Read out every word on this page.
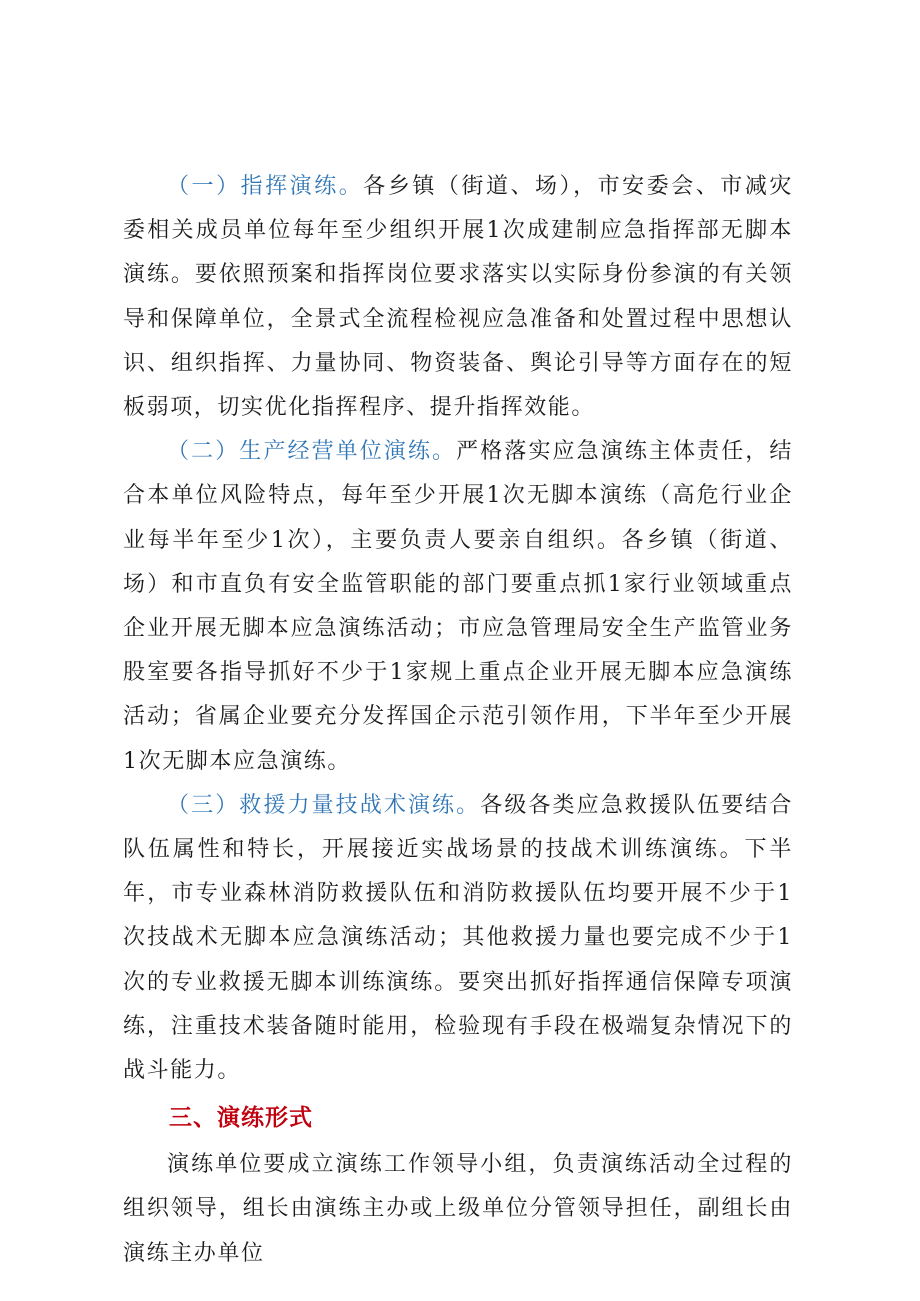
（一）指挥演练。各乡镇（街道、场），市安委会、市减灾委相关成员单位每年至少组织开展1次成建制应急指挥部无脚本演练。要依照预案和指挥岗位要求落实以实际身份参演的有关领导和保障单位，全景式全流程检视应急准备和处置过程中思想认识、组织指挥、力量协同、物资装备、舆论引导等方面存在的短板弱项，切实优化指挥程序、提升指挥效能。

（二）生产经营单位演练。严格落实应急演练主体责任，结合本单位风险特点，每年至少开展1次无脚本演练（高危行业企业每半年至少1次），主要负责人要亲自组织。各乡镇（街道、场）和市直负有安全监管职能的部门要重点抓1家行业领域重点企业开展无脚本应急演练活动；市应急管理局安全生产监管业务股室要各指导抓好不少于1家规上重点企业开展无脚本应急演练活动；省属企业要充分发挥国企示范引领作用，下半年至少开展1次无脚本应急演练。

（三）救援力量技战术演练。各级各类应急救援队伍要结合队伍属性和特长，开展接近实战场景的技战术训练演练。下半年，市专业森林消防救援队伍和消防救援队伍均要开展不少于1次技战术无脚本应急演练活动；其他救援力量也要完成不少于1次的专业救援无脚本训练演练。要突出抓好指挥通信保障专项演练，注重技术装备随时能用，检验现有手段在极端复杂情况下的战斗能力。

三、演练形式

演练单位要成立演练工作领导小组，负责演练活动全过程的组织领导，组长由演练主办或上级单位分管领导担任，副组长由演练主办单位
